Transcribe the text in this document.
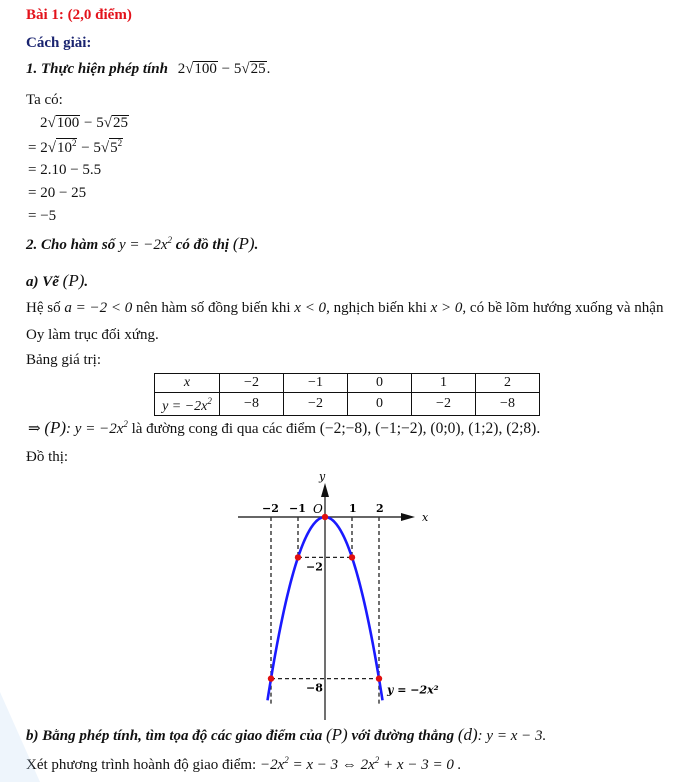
Bài 1: (2,0 điểm)
Cách giải:
1. Thực hiện phép tính 2√100 − 5√25.
Ta có:
2√100 − 5√25
= $2√10^2 - 5√5^2$
= 2.10 − 5.5
= 20 − 25
= −5
2. Cho hàm số $y = -2x^2$ có đồ thị (P).
a) Vẽ (P).
Hệ số a = −2 < 0 nên hàm số đồng biến khi x < 0, nghịch biến khi x > 0, có bề lõm hướng xuống và nhận
Oy làm trục đối xứng.
Bảng giá trị:
x	−2	−1	0	1	2
$y = -2x^2$	−8	−2	0	−2	−8
⇒ (P): $y = -2x^2$ là đường cong đi qua các điểm (−2;−8), (−1;−2), (0;0), (1;2), (2;8).
Đồ thị:
x
y
O
−2 −1	1 2
−2
−8	y = −2x²
b) Bằng phép tính, tìm tọa độ các giao điểm của (P) với đường thẳng (d): y = x − 3.
Xét phương trình hoành độ giao điểm: $-2x^2 = x - 3$ ⇔ $2x^2 + x - 3 = 0$ .
